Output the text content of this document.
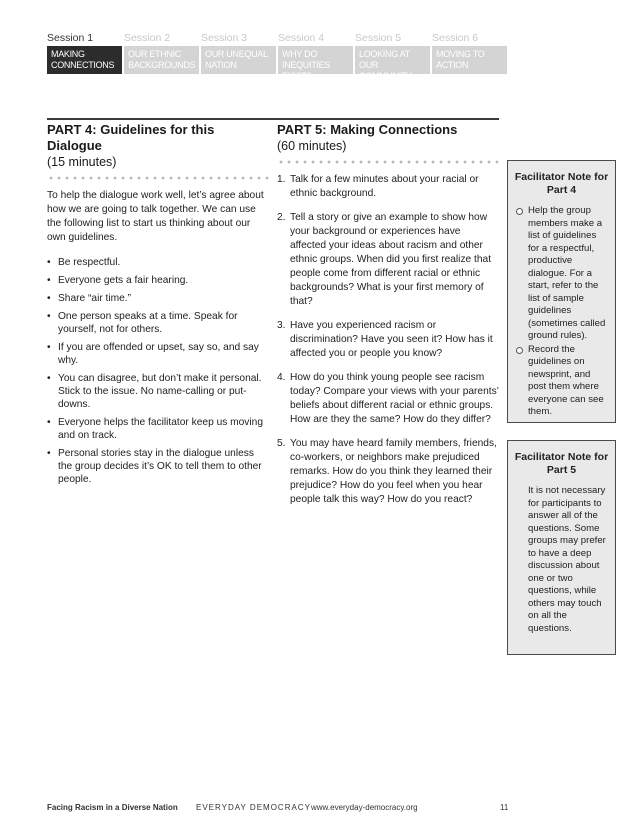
Session 1
MAKING CONNECTIONS
Session 2
OUR ETHNIC BACKGROUNDS
Session 3
OUR UNEQUAL NATION
Session 4
WHY DO INEQUITIES EXIST?
Session 5
LOOKING AT OUR COMMUNITY
Session 6
MOVING TO ACTION
PART 4: Guidelines for this Dialogue
(15 minutes)

To help the dialogue work well, let’s agree about how we are going to talk together. We can use the following list to start us thinking about our own guidelines.

• Be respectful.
• Everyone gets a fair hearing.
• Share “air time.”
• One person speaks at a time. Speak for yourself, not for others.
• If you are offended or upset, say so, and say why.
• You can disagree, but don’t make it personal. Stick to the issue. No name-calling or put-downs.
• Everyone helps the facilitator keep us moving and on track.
• Personal stories stay in the dialogue unless the group decides it’s OK to tell them to other people.
PART 5: Making Connections
(60 minutes)
1. Talk for a few minutes about your racial or ethnic background.
2. Tell a story or give an example to show how your background or experiences have affected your ideas about racism and other ethnic groups. When did you first realize that people come from different racial or ethnic backgrounds? What is your first memory of that?
3. Have you experienced racism or discrimination? Have you seen it? How has it affected you or people you know?
4. How do you think young people see racism today? Compare your views with your parents’ beliefs about different racial or ethnic groups. How are they the same? How do they differ?
5. You may have heard family members, friends, co-workers, or neighbors make prejudiced remarks. How do you think they learned their prejudice? How do you feel when you hear people talk this way? How do you react?
Facilitator Note for Part 4
Help the group members make a list of guidelines for a respectful, productive dialogue. For a start, refer to the list of sample guidelines (sometimes called ground rules).
Record the guidelines on newsprint, and post them where everyone can see them.
Facilitator Note for Part 5
It is not necessary for participants to answer all of the questions. Some groups may prefer to have a deep discussion about one or two questions, while others may touch on all the questions.
Facing Racism in a Diverse Nation EVERYDAY DEMOCRACY www.everyday-democracy.org	11
